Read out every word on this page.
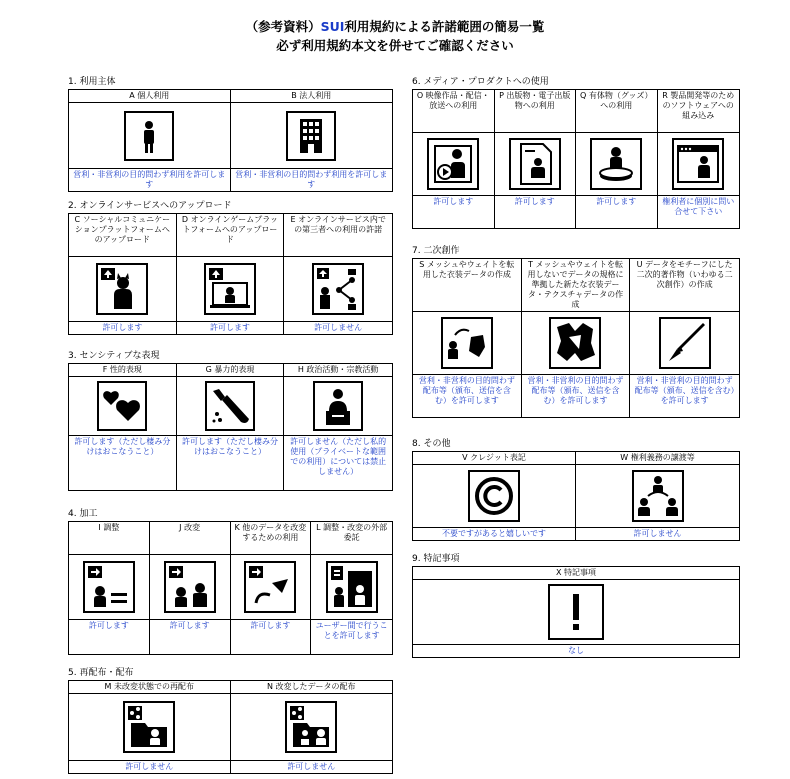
（参考資料）SUI利用規約による許諾範囲の簡易一覧
必ず利用規約本文を併せてご確認ください
1. 利用主体
A 個人利用
営利・非営利の目的問わず利用を許可します
B 法人利用
営利・非営利の目的問わず利用を許可します
2. オンラインサービスへのアップロード
C ソーシャルコミュニケーションプラットフォームへのアップロード
許可します
D オンラインゲームプラットフォームへのアップロード
許可します
E オンラインサービス内での第三者への利用の許諾
許可しません
3. センシティブな表現
F 性的表現
許可します（ただし棲み分けはおこなうこと）
G 暴力的表現
許可します（ただし棲み分けはおこなうこと）
H 政治活動・宗教活動
許可しません（ただし私的使用（プライベートな範囲での利用）については禁止しません）
4. 加工
I 調整
許可します
J 改変
許可します
K 他のデータを改変するための利用
許可します
L 調整・改変の外部委託
ユーザー間で行うことを許可します
5. 再配布・配布
M 未改変状態での再配布
許可しません
N 改変したデータの配布
許可しません
6. メディア・プロダクトへの使用
O 映像作品・配信・放送への利用
許可します
P 出版物・電子出版物への利用
許可します
Q 有体物（グッズ）への利用
許可します
R 製品開発等のためのソフトウェアへの組み込み
権利者に個別に問い合せて下さい
7. 二次創作
S メッシュやウェイトを転用した衣装データの作成
営利・非営利の目的問わず配布等（頒布、送信を含む）を許可します
T メッシュやウェイトを転用しないでデータの規格に準拠した新たな衣装データ・テクスチャデータの作成
営利・非営利の目的問わず配布等（頒布、送信を含む）を許可します
U データをモチーフにした二次的著作物（いわゆる二次創作）の作成
営利・非営利の目的問わず配布等（頒布、送信を含む）を許可します
8. その他
V クレジット表記
不要ですがあると嬉しいです
W 権利義務の譲渡等
許可しません
9. 特記事項
X 特記事項
なし
